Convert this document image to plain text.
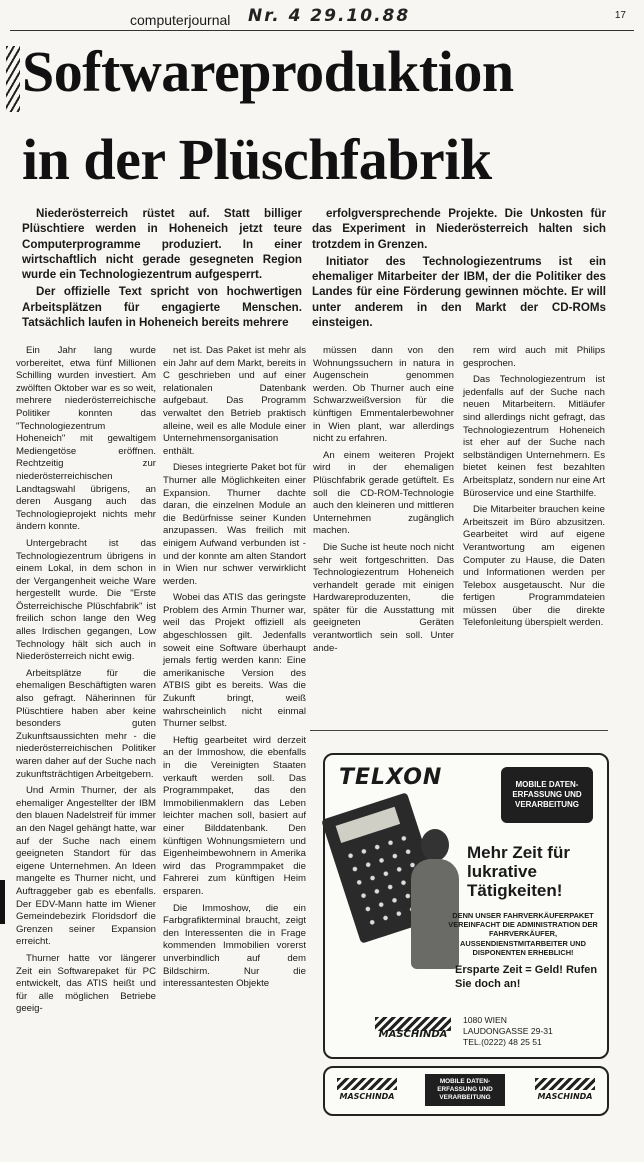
computerjournal Nr. 4 29.10.88	17
Softwareproduktion
in der Plüschfabrik

Niederösterreich rüstet auf. Statt billiger Plüschtiere werden in Hoheneich jetzt teure Computerprogramme produziert. In einer wirtschaftlich nicht gerade gesegneten Region wurde ein Technologiezentrum aufgesperrt.

Der offizielle Text spricht von hochwertigen Arbeitsplätzen für engagierte Menschen. Tatsächlich laufen in Hoheneich bereits mehrere

erfolgversprechende Projekte. Die Unkosten für das Experiment in Niederösterreich halten sich trotzdem in Grenzen.

Initiator des Technologiezentrums ist ein ehemaliger Mitarbeiter der IBM, der die Politiker des Landes für eine Förderung gewinnen möchte. Er will unter anderem in den Markt der CD-ROMs einsteigen.

Ein Jahr lang wurde vorbereitet, etwa fünf Millionen Schilling wurden investiert. Am zwölften Oktober war es so weit, mehrere niederösterreichische Politiker konnten das "Technologiezentrum Hoheneich" mit gewaltigem Mediengetöse eröffnen. Rechtzeitig zur niederösterreichischen Landtagswahl übrigens, an deren Ausgang auch das Technologieprojekt nichts mehr ändern konnte.

Untergebracht ist das Technologiezentrum übrigens in einem Lokal, in dem schon in der Vergangenheit weiche Ware hergestellt wurde. Die "Erste Österreichische Plüschfabrik" ist freilich schon lange den Weg alles Irdischen gegangen, Low Technology hält sich auch in Niederösterreich nicht ewig.

Arbeitsplätze für die ehemaligen Beschäftigten waren also gefragt. Näherinnen für Plüschtiere haben aber keine besonders guten Zukunftsaussichten mehr - die niederösterreichischen Politiker waren daher auf der Suche nach zukunftsträchtigen Arbeitgebern.

Und Armin Thurner, der als ehemaliger Angestellter der IBM den blauen Nadelstreif für immer an den Nagel gehängt hatte, war auf der Suche nach einem geeigneten Standort für das eigene Unternehmen. An Ideen mangelte es Thurner nicht, und Auftraggeber gab es ebenfalls. Der EDV-Mann hatte im Wiener Gemeindebezirk Floridsdorf die Grenzen seiner Expansion erreicht.

Thurner hatte vor längerer Zeit ein Softwarepaket für PC entwickelt, das ATIS heißt und für alle möglichen Betriebe geeig-

net ist. Das Paket ist mehr als ein Jahr auf dem Markt, bereits in C geschrieben und auf einer relationalen Datenbank aufgebaut. Das Programm verwaltet den Betrieb praktisch alleine, weil es alle Module einer Unternehmensorganisation enthält.

Dieses integrierte Paket bot für Thurner alle Möglichkeiten einer Expansion. Thurner dachte daran, die einzelnen Module an die Bedürfnisse seiner Kunden anzupassen. Was freilich mit einigem Aufwand verbunden ist - und der konnte am alten Standort in Wien nur schwer verwirklicht werden.

Wobei das ATIS das geringste Problem des Armin Thurner war, weil das Projekt offiziell als abgeschlossen gilt. Jedenfalls soweit eine Software überhaupt jemals fertig werden kann: Eine amerikanische Version des ATBIS gibt es bereits. Was die Zukunft bringt, weiß wahrscheinlich nicht einmal Thurner selbst.

Heftig gearbeitet wird derzeit an der Immoshow, die ebenfalls in die Vereinigten Staaten verkauft werden soll. Das Programmpaket, das den Immobilienmaklern das Leben leichter machen soll, basiert auf einer Bilddatenbank. Den künftigen Wohnungsmietern und Eigenheimbewohnern in Amerika wird das Programmpaket die Fahrerei zum künftigen Heim ersparen.

Die Immoshow, die ein Farbgrafikterminal braucht, zeigt den Interessenten die in Frage kommenden Immobilien vorerst unverbindlich auf dem Bildschirm. Nur die interessantesten Objekte

müssen dann von den Wohnungssuchern in natura in Augenschein genommen werden. Ob Thurner auch eine Schwarzweißversion für die künftigen Emmentalerbewohner in Wien plant, war allerdings nicht zu erfahren.

An einem weiteren Projekt wird in der ehemaligen Plüschfabrik gerade getüftelt. Es soll die CD-ROM-Technologie auch den kleineren und mittleren Unternehmen zugänglich machen.

Die Suche ist heute noch nicht sehr weit fortgeschritten. Das Technologiezentrum Hoheneich verhandelt gerade mit einigen Hardwareproduzenten, die später für die Ausstattung mit geeigneten Geräten verantwortlich sein soll. Unter ande-

rem wird auch mit Philips gesprochen.

Das Technologiezentrum ist jedenfalls auf der Suche nach neuen Mitarbeitern. Mitläufer sind allerdings nicht gefragt, das Technologiezentrum Hoheneich ist eher auf der Suche nach selbständigen Unternehmern. Es bietet keinen fest bezahlten Arbeitsplatz, sondern nur eine Art Büroservice und eine Starthilfe.

Die Mitarbeiter brauchen keine Arbeitszeit im Büro abzusitzen. Gearbeitet wird auf eigene Verantwortung am eigenen Computer zu Hause, die Daten und Informationen werden per Telebox ausgetauscht. Nur die fertigen Programmdateien müssen über die direkte Telefonleitung überspielt werden.

TELXON	MOBILE DATEN-ERFASSUNG UND VERARBEITUNG
Mehr Zeit für lukrative Tätigkeiten!
DENN UNSER FAHRVERKÄUFERPAKET VEREINFACHT DIE ADMINISTRATION DER FAHRVERKÄUFER, AUSSENDIENSTMITARBEITER UND DISPONENTEN ERHEBLICH!
Ersparte Zeit = Geld! Rufen Sie doch an!
MASCHINDA
1080 WIEN
LAUDONGASSE 29-31
TEL.(0222) 48 25 51
MASCHINDA
MOBILE DATEN-ERFASSUNG UND VERARBEITUNG	MASCHINDA
